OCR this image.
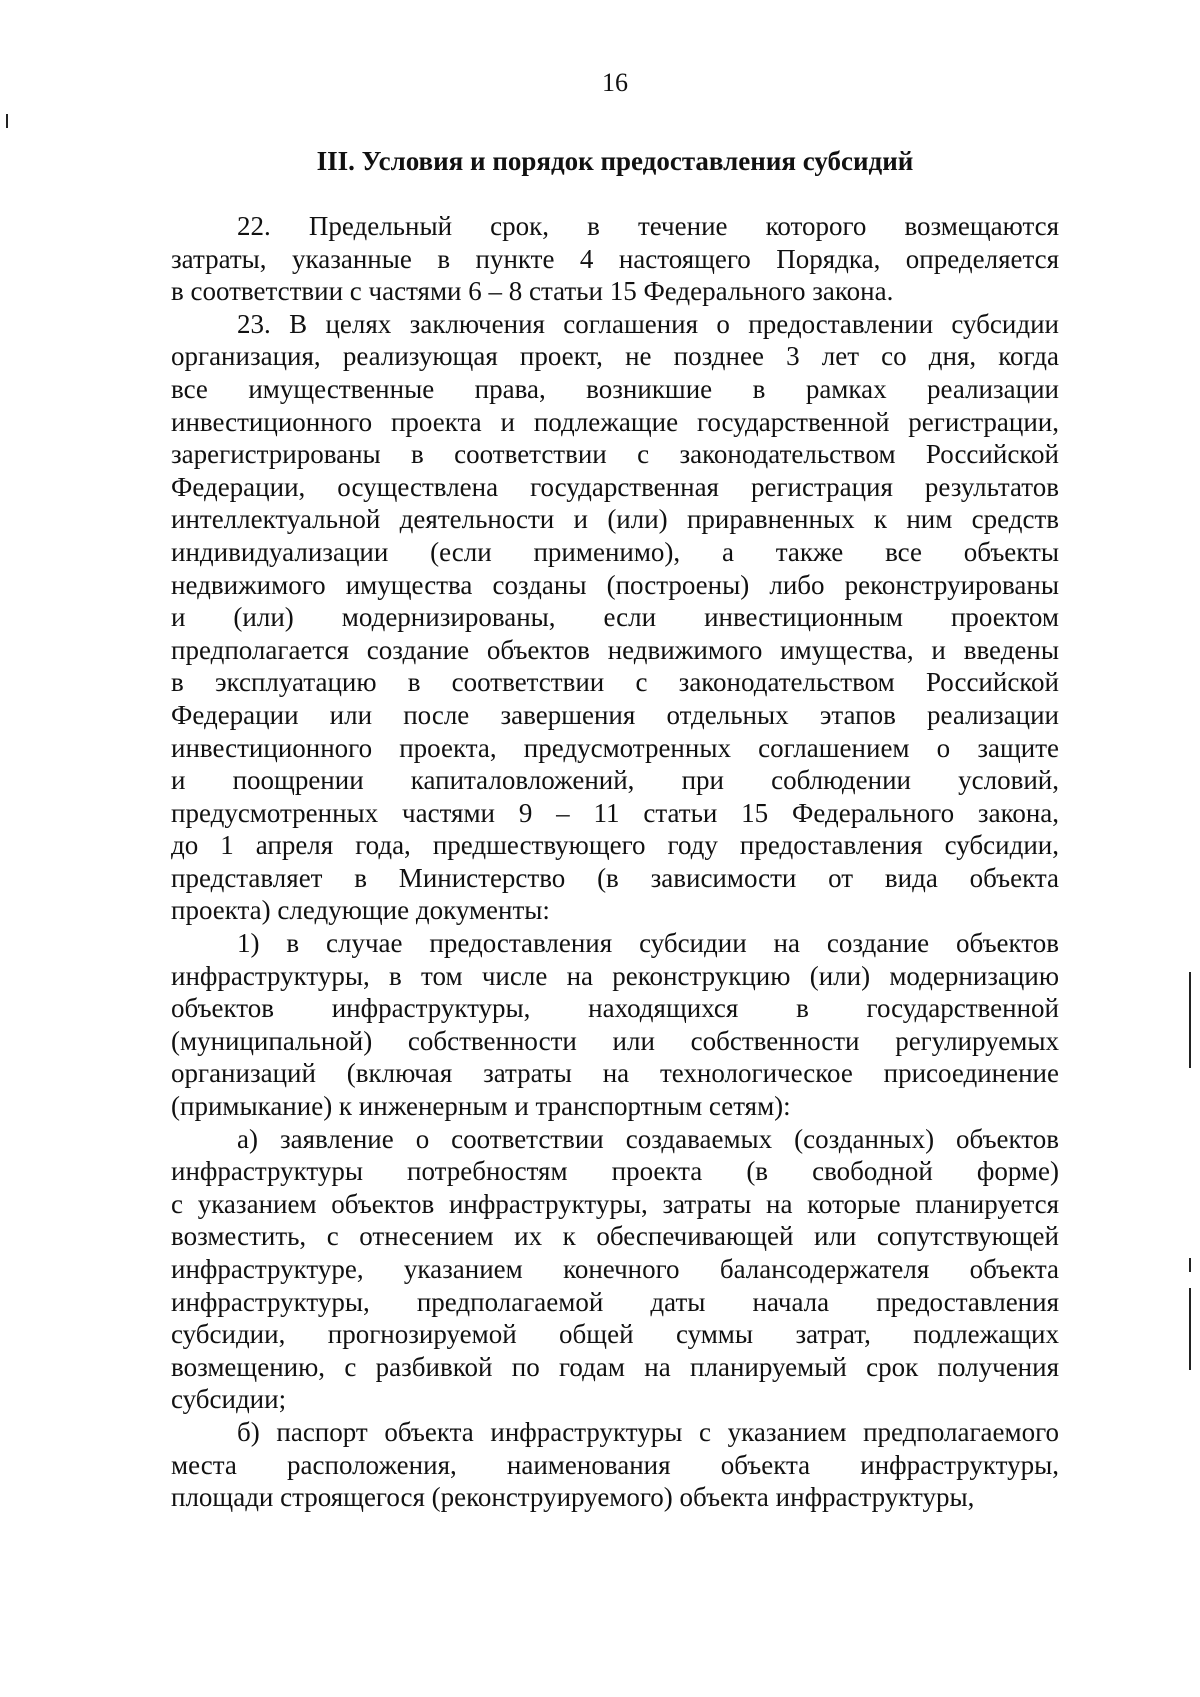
16
III. Условия и порядок предоставления субсидий
22. Предельный срок, в течение которого возмещаются
затраты, указанные в пункте 4 настоящего Порядка, определяется
в соответствии с частями 6 – 8 статьи 15 Федерального закона.
23. В целях заключения соглашения о предоставлении субсидии
организация, реализующая проект, не позднее 3 лет со дня, когда
все имущественные права, возникшие в рамках реализации
инвестиционного проекта и подлежащие государственной регистрации,
зарегистрированы в соответствии с законодательством Российской
Федерации, осуществлена государственная регистрация результатов
интеллектуальной деятельности и (или) приравненных к ним средств
индивидуализации (если применимо), а также все объекты
недвижимого имущества созданы (построены) либо реконструированы
и (или) модернизированы, если инвестиционным проектом
предполагается создание объектов недвижимого имущества, и введены
в эксплуатацию в соответствии с законодательством Российской
Федерации или после завершения отдельных этапов реализации
инвестиционного проекта, предусмотренных соглашением о защите
и поощрении капиталовложений, при соблюдении условий,
предусмотренных частями 9 – 11 статьи 15 Федерального закона,
до 1 апреля года, предшествующего году предоставления субсидии,
представляет в Министерство (в зависимости от вида объекта
проекта) следующие документы:
1) в случае предоставления субсидии на создание объектов
инфраструктуры, в том числе на реконструкцию (или) модернизацию
объектов инфраструктуры, находящихся в государственной
(муниципальной) собственности или собственности регулируемых
организаций (включая затраты на технологическое присоединение
(примыкание) к инженерным и транспортным сетям):
а) заявление о соответствии создаваемых (созданных) объектов
инфраструктуры потребностям проекта (в свободной форме)
с указанием объектов инфраструктуры, затраты на которые планируется
возместить, с отнесением их к обеспечивающей или сопутствующей
инфраструктуре, указанием конечного балансодержателя объекта
инфраструктуры, предполагаемой даты начала предоставления
субсидии, прогнозируемой общей суммы затрат, подлежащих
возмещению, с разбивкой по годам на планируемый срок получения
субсидии;
б) паспорт объекта инфраструктуры с указанием предполагаемого
места расположения, наименования объекта инфраструктуры,
площади строящегося (реконструируемого) объекта инфраструктуры,
